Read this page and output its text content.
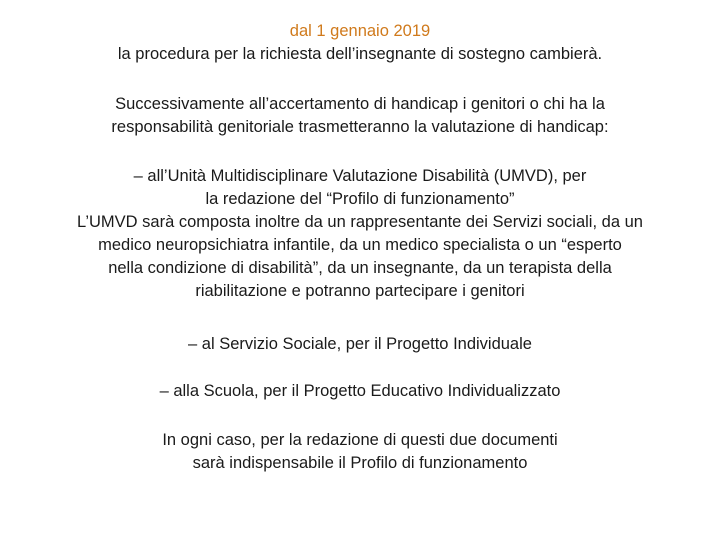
dal 1 gennaio 2019
la procedura per la richiesta dell’insegnante di sostegno cambierà.

Successivamente all’accertamento di handicap i genitori o chi ha la
responsabilità genitoriale trasmetteranno la valutazione di handicap:

– all’Unità Multidisciplinare Valutazione Disabilità (UMVD), per
la redazione del “Profilo di funzionamento”
L’UMVD sarà composta inoltre da un rappresentante dei Servizi sociali, da un
medico neuropsichiatra infantile, da un medico specialista o un “esperto
nella condizione di disabilità”, da un insegnante, da un terapista della
riabilitazione e potranno partecipare i genitori

– al Servizio Sociale, per il Progetto Individuale

– alla Scuola, per il Progetto Educativo Individualizzato

In ogni caso, per la redazione di questi due documenti
sarà indispensabile il Profilo di funzionamento
